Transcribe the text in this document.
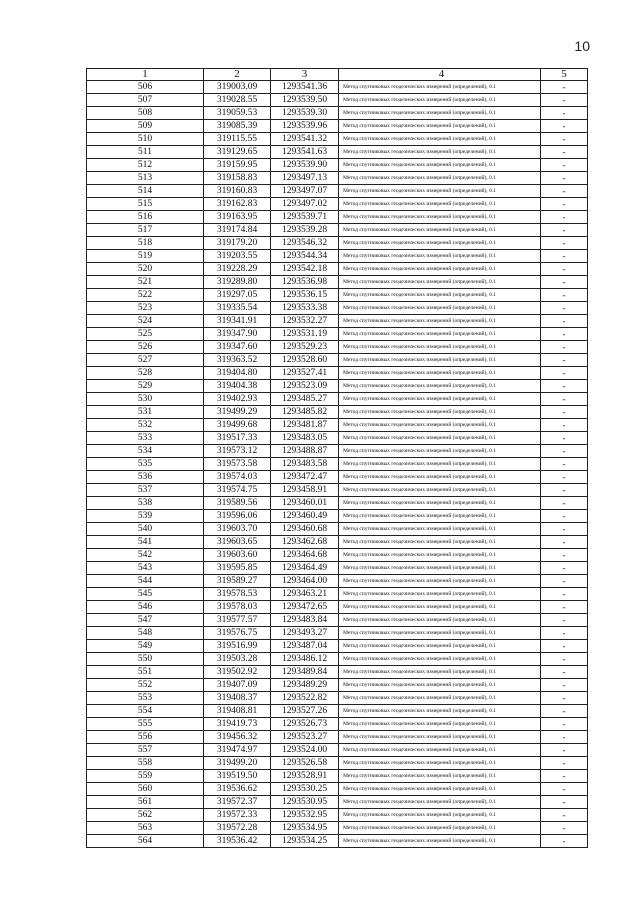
10
1	2	3	4	5
506	319003.09	1293541.36	Метод спутниковых геодезических измерений (определений), 0.1	-
507	319028.55	1293539.50	Метод спутниковых геодезических измерений (определений), 0.1	-
508	319059.53	1293539.30	Метод спутниковых геодезических измерений (определений), 0.1	-
509	319085.39	1293539.96	Метод спутниковых геодезических измерений (определений), 0.1	-
510	319115.55	1293541.32	Метод спутниковых геодезических измерений (определений), 0.1	-
511	319129.65	1293541.63	Метод спутниковых геодезических измерений (определений), 0.1	-
512	319159.95	1293539.90	Метод спутниковых геодезических измерений (определений), 0.1	-
513	319158.83	1293497.13	Метод спутниковых геодезических измерений (определений), 0.1	-
514	319160.83	1293497.07	Метод спутниковых геодезических измерений (определений), 0.1	-
515	319162.83	1293497.02	Метод спутниковых геодезических измерений (определений), 0.1	-
516	319163.95	1293539.71	Метод спутниковых геодезических измерений (определений), 0.1	-
517	319174.84	1293539.28	Метод спутниковых геодезических измерений (определений), 0.1	-
518	319179.20	1293546.32	Метод спутниковых геодезических измерений (определений), 0.1	-
519	319203.55	1293544.34	Метод спутниковых геодезических измерений (определений), 0.1	-
520	319228.29	1293542.18	Метод спутниковых геодезических измерений (определений), 0.1	-
521	319289.80	1293536.98	Метод спутниковых геодезических измерений (определений), 0.1	-
522	319297.05	1293536.15	Метод спутниковых геодезических измерений (определений), 0.1	-
523	319335.54	1293533.38	Метод спутниковых геодезических измерений (определений), 0.1	-
524	319341.91	1293532.27	Метод спутниковых геодезических измерений (определений), 0.1	-
525	319347.90	1293531.19	Метод спутниковых геодезических измерений (определений), 0.1	-
526	319347.60	1293529.23	Метод спутниковых геодезических измерений (определений), 0.1	-
527	319363.52	1293528.60	Метод спутниковых геодезических измерений (определений), 0.1	-
528	319404.80	1293527.41	Метод спутниковых геодезических измерений (определений), 0.1	-
529	319404.38	1293523.09	Метод спутниковых геодезических измерений (определений), 0.1	-
530	319402.93	1293485.27	Метод спутниковых геодезических измерений (определений), 0.1	-
531	319499.29	1293485.82	Метод спутниковых геодезических измерений (определений), 0.1	-
532	319499.68	1293481.87	Метод спутниковых геодезических измерений (определений), 0.1	-
533	319517.33	1293483.05	Метод спутниковых геодезических измерений (определений), 0.1	-
534	319573.12	1293488.87	Метод спутниковых геодезических измерений (определений), 0.1	-
535	319573.58	1293483.58	Метод спутниковых геодезических измерений (определений), 0.1	-
536	319574.03	1293472.47	Метод спутниковых геодезических измерений (определений), 0.1	-
537	319574.75	1293458.91	Метод спутниковых геодезических измерений (определений), 0.1	-
538	319589.56	1293460.01	Метод спутниковых геодезических измерений (определений), 0.1	-
539	319596.06	1293460.49	Метод спутниковых геодезических измерений (определений), 0.1	-
540	319603.70	1293460.68	Метод спутниковых геодезических измерений (определений), 0.1	-
541	319603.65	1293462.68	Метод спутниковых геодезических измерений (определений), 0.1	-
542	319603.60	1293464.68	Метод спутниковых геодезических измерений (определений), 0.1	-
543	319595.85	1293464.49	Метод спутниковых геодезических измерений (определений), 0.1	-
544	319589.27	1293464.00	Метод спутниковых геодезических измерений (определений), 0.1	-
545	319578.53	1293463.21	Метод спутниковых геодезических измерений (определений), 0.1	-
546	319578.03	1293472.65	Метод спутниковых геодезических измерений (определений), 0.1	-
547	319577.57	1293483.84	Метод спутниковых геодезических измерений (определений), 0.1	-
548	319576.75	1293493.27	Метод спутниковых геодезических измерений (определений), 0.1	-
549	319516.99	1293487.04	Метод спутниковых геодезических измерений (определений), 0.1	-
550	319503.28	1293486.12	Метод спутниковых геодезических измерений (определений), 0.1	-
551	319502.92	1293489.84	Метод спутниковых геодезических измерений (определений), 0.1	-
552	319407.09	1293489.29	Метод спутниковых геодезических измерений (определений), 0.1	-
553	319408.37	1293522.82	Метод спутниковых геодезических измерений (определений), 0.1	-
554	319408.81	1293527.26	Метод спутниковых геодезических измерений (определений), 0.1	-
555	319419.73	1293526.73	Метод спутниковых геодезических измерений (определений), 0.1	-
556	319456.32	1293523.27	Метод спутниковых геодезических измерений (определений), 0.1	-
557	319474.97	1293524.00	Метод спутниковых геодезических измерений (определений), 0.1	-
558	319499.20	1293526.58	Метод спутниковых геодезических измерений (определений), 0.1	-
559	319519.50	1293528.91	Метод спутниковых геодезических измерений (определений), 0.1	-
560	319536.62	1293530.25	Метод спутниковых геодезических измерений (определений), 0.1	-
561	319572.37	1293530.95	Метод спутниковых геодезических измерений (определений), 0.1	-
562	319572.33	1293532.95	Метод спутниковых геодезических измерений (определений), 0.1	-
563	319572.28	1293534.95	Метод спутниковых геодезических измерений (определений), 0.1	-
564	319536.42	1293534.25	Метод спутниковых геодезических измерений (определений), 0.1	-
